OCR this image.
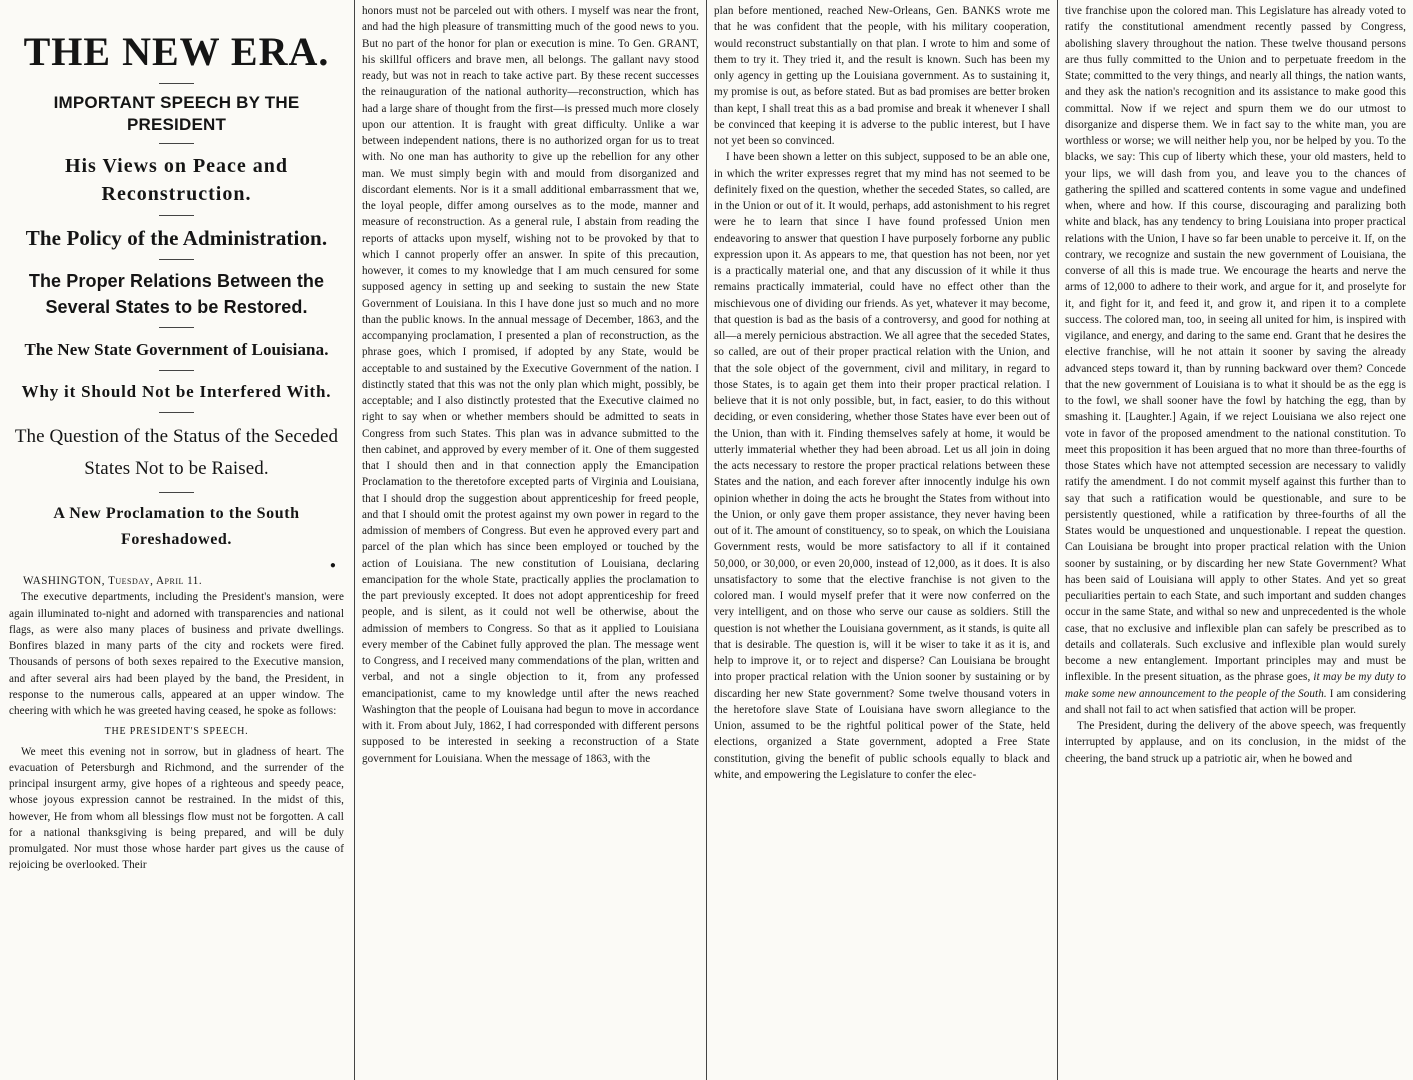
THE NEW ERA.
IMPORTANT SPEECH BY THE PRESIDENT
His Views on Peace and Reconstruction.
The Policy of the Administration.
The Proper Relations Between the Several States to be Restored.
The New State Government of Louisiana.
Why it Should Not be Interfered With.
The Question of the Status of the Seceded States Not to be Raised.
A New Proclamation to the South Foreshadowed.

●

WASHINGTON, Tuesday, April 11.

The executive departments, including the President's mansion, were again illuminated to-night and adorned with transparencies and national flags, as were also many places of business and private dwellings. Bonfires blazed in many parts of the city and rockets were fired. Thousands of persons of both sexes repaired to the Executive mansion, and after several airs had been played by the band, the President, in response to the numerous calls, appeared at an upper window. The cheering with which he was greeted having ceased, he spoke as follows:

THE PRESIDENT'S SPEECH.

We meet this evening not in sorrow, but in gladness of heart. The evacuation of Petersburgh and Richmond, and the surrender of the principal insurgent army, give hopes of a righteous and speedy peace, whose joyous expression cannot be restrained. In the midst of this, however, He from whom all blessings flow must not be forgotten. A call for a national thanksgiving is being prepared, and will be duly promulgated. Nor must those whose harder part gives us the cause of rejoicing be overlooked. Their

honors must not be parceled out with others. I myself was near the front, and had the high pleasure of transmitting much of the good news to you. But no part of the honor for plan or execution is mine. To Gen. GRANT, his skillful officers and brave men, all belongs. The gallant navy stood ready, but was not in reach to take active part. By these recent successes the reinauguration of the national authority—reconstruction, which has had a large share of thought from the first—is pressed much more closely upon our attention. It is fraught with great difficulty. Unlike a war between independent nations, there is no authorized organ for us to treat with. No one man has authority to give up the rebellion for any other man. We must simply begin with and mould from disorganized and discordant elements. Nor is it a small additional embarrassment that we, the loyal people, differ among ourselves as to the mode, manner and measure of reconstruction. As a general rule, I abstain from reading the reports of attacks upon myself, wishing not to be provoked by that to which I cannot properly offer an answer. In spite of this precaution, however, it comes to my knowledge that I am much censured for some supposed agency in setting up and seeking to sustain the new State Government of Louisiana. In this I have done just so much and no more than the public knows. In the annual message of December, 1863, and the accompanying proclamation, I presented a plan of reconstruction, as the phrase goes, which I promised, if adopted by any State, would be acceptable to and sustained by the Executive Government of the nation. I distinctly stated that this was not the only plan which might, possibly, be acceptable; and I also distinctly protested that the Executive claimed no right to say when or whether members should be admitted to seats in Congress from such States. This plan was in advance submitted to the then cabinet, and approved by every member of it. One of them suggested that I should then and in that connection apply the Emancipation Proclamation to the theretofore excepted parts of Virginia and Louisiana, that I should drop the suggestion about apprenticeship for freed people, and that I should omit the protest against my own power in regard to the admission of members of Congress. But even he approved every part and parcel of the plan which has since been employed or touched by the action of Louisiana. The new constitution of Louisiana, declaring emancipation for the whole State, practically applies the proclamation to the part previously excepted. It does not adopt apprenticeship for freed people, and is silent, as it could not well be otherwise, about the admission of members to Congress. So that as it applied to Louisiana every member of the Cabinet fully approved the plan. The message went to Congress, and I received many commendations of the plan, written and verbal, and not a single objection to it, from any professed emancipationist, came to my knowledge until after the news reached Washington that the people of Louisana had begun to move in accordance with it. From about July, 1862, I had corresponded with different persons supposed to be interested in seeking a reconstruction of a State government for Louisiana. When the message of 1863, with the

plan before mentioned, reached New-Orleans, Gen. BANKS wrote me that he was confident that the people, with his military cooperation, would reconstruct substantially on that plan. I wrote to him and some of them to try it. They tried it, and the result is known. Such has been my only agency in getting up the Louisiana government. As to sustaining it, my promise is out, as before stated. But as bad promises are better broken than kept, I shall treat this as a bad promise and break it whenever I shall be convinced that keeping it is adverse to the public interest, but I have not yet been so convinced.

I have been shown a letter on this subject, supposed to be an able one, in which the writer expresses regret that my mind has not seemed to be definitely fixed on the question, whether the seceded States, so called, are in the Union or out of it. It would, perhaps, add astonishment to his regret were he to learn that since I have found professed Union men endeavoring to answer that question I have purposely forborne any public expression upon it. As appears to me, that question has not been, nor yet is a practically material one, and that any discussion of it while it thus remains practically immaterial, could have no effect other than the mischievous one of dividing our friends. As yet, whatever it may become, that question is bad as the basis of a controversy, and good for nothing at all—a merely pernicious abstraction. We all agree that the seceded States, so called, are out of their proper practical relation with the Union, and that the sole object of the government, civil and military, in regard to those States, is to again get them into their proper practical relation. I believe that it is not only possible, but, in fact, easier, to do this without deciding, or even considering, whether those States have ever been out of the Union, than with it. Finding themselves safely at home, it would be utterly immaterial whether they had been abroad. Let us all join in doing the acts necessary to restore the proper practical relations between these States and the nation, and each forever after innocently indulge his own opinion whether in doing the acts he brought the States from without into the Union, or only gave them proper assistance, they never having been out of it. The amount of constituency, so to speak, on which the Louisiana Government rests, would be more satisfactory to all if it contained 50,000, or 30,000, or even 20,000, instead of 12,000, as it does. It is also unsatisfactory to some that the elective franchise is not given to the colored man. I would myself prefer that it were now conferred on the very intelligent, and on those who serve our cause as soldiers. Still the question is not whether the Louisiana government, as it stands, is quite all that is desirable. The question is, will it be wiser to take it as it is, and help to improve it, or to reject and disperse? Can Louisiana be brought into proper practical relation with the Union sooner by sustaining or by discarding her new State government? Some twelve thousand voters in the heretofore slave State of Louisiana have sworn allegiance to the Union, assumed to be the rightful political power of the State, held elections, organized a State government, adopted a Free State constitution, giving the benefit of public schools equally to black and white, and empowering the Legislature to confer the elec-

tive franchise upon the colored man. This Legislature has already voted to ratify the constitutional amendment recently passed by Congress, abolishing slavery throughout the nation. These twelve thousand persons are thus fully committed to the Union and to perpetuate freedom in the State; committed to the very things, and nearly all things, the nation wants, and they ask the nation's recognition and its assistance to make good this committal. Now if we reject and spurn them we do our utmost to disorganize and disperse them. We in fact say to the white man, you are worthless or worse; we will neither help you, nor be helped by you. To the blacks, we say: This cup of liberty which these, your old masters, held to your lips, we will dash from you, and leave you to the chances of gathering the spilled and scattered contents in some vague and undefined when, where and how. If this course, discouraging and paralizing both white and black, has any tendency to bring Louisiana into proper practical relations with the Union, I have so far been unable to perceive it. If, on the contrary, we recognize and sustain the new government of Louisiana, the converse of all this is made true. We encourage the hearts and nerve the arms of 12,000 to adhere to their work, and argue for it, and proselyte for it, and fight for it, and feed it, and grow it, and ripen it to a complete success. The colored man, too, in seeing all united for him, is inspired with vigilance, and energy, and daring to the same end. Grant that he desires the elective franchise, will he not attain it sooner by saving the already advanced steps toward it, than by running backward over them? Concede that the new government of Louisiana is to what it should be as the egg is to the fowl, we shall sooner have the fowl by hatching the egg, than by smashing it. [Laughter.] Again, if we reject Louisiana we also reject one vote in favor of the proposed amendment to the national constitution. To meet this proposition it has been argued that no more than three-fourths of those States which have not attempted secession are necessary to validly ratify the amendment. I do not commit myself against this further than to say that such a ratification would be questionable, and sure to be persistently questioned, while a ratification by three-fourths of all the States would be unquestioned and unquestionable. I repeat the question. Can Louisiana be brought into proper practical relation with the Union sooner by sustaining, or by discarding her new State Government? What has been said of Louisiana will apply to other States. And yet so great peculiarities pertain to each State, and such important and sudden changes occur in the same State, and withal so new and unprecedented is the whole case, that no exclusive and inflexible plan can safely be prescribed as to details and collaterals. Such exclusive and inflexible plan would surely become a new entanglement. Important principles may and must be inflexible. In the present situation, as the phrase goes, it may be my duty to make some new announcement to the people of the South. I am considering and shall not fail to act when satisfied that action will be proper.

The President, during the delivery of the above speech, was frequently interrupted by applause, and on its conclusion, in the midst of the cheering, the band struck up a patriotic air, when he bowed and
